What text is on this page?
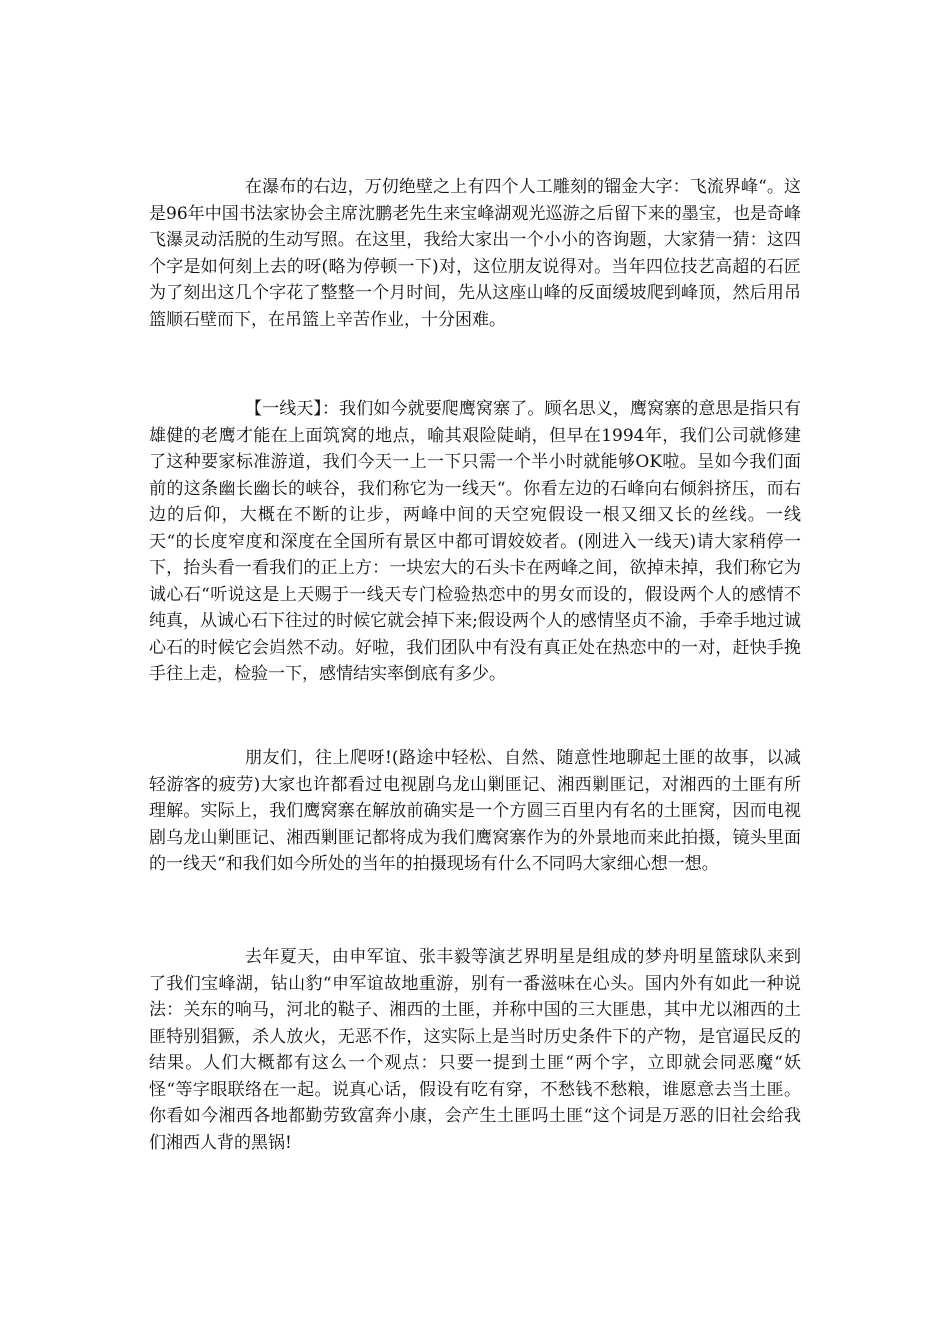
在瀑布的右边，万仞绝壁之上有四个人工雕刻的镏金大字：飞流界峰“。这是96年中国书法家协会主席沈鹏老先生来宝峰湖观光巡游之后留下来的墨宝，也是奇峰飞瀑灵动活脱的生动写照。在这里，我给大家出一个小小的咨询题，大家猜一猜：这四个字是如何刻上去的呀(略为停顿一下)对，这位朋友说得对。当年四位技艺高超的石匠为了刻出这几个字花了整整一个月时间，先从这座山峰的反面缓坡爬到峰顶，然后用吊篮顺石壁而下，在吊篮上辛苦作业，十分困难。

【一线天】：我们如今就要爬鹰窝寨了。顾名思义，鹰窝寨的意思是指只有雄健的老鹰才能在上面筑窝的地点，喻其艰险陡峭，但早在1994年，我们公司就修建了这种要家标准游道，我们今天一上一下只需一个半小时就能够OK啦。呈如今我们面前的这条幽长幽长的峡谷，我们称它为一线天“。你看左边的石峰向右倾斜挤压，而右边的后仰，大概在不断的让步，两峰中间的天空宛假设一根又细又长的丝线。一线天“的长度窄度和深度在全国所有景区中都可谓姣姣者。(刚进入一线天)请大家稍停一下，抬头看一看我们的正上方：一块宏大的石头卡在两峰之间，欲掉未掉，我们称它为诚心石“听说这是上天赐于一线天专门检验热恋中的男女而设的，假设两个人的感情不纯真，从诚心石下往过的时候它就会掉下来;假设两个人的感情坚贞不渝，手牵手地过诚心石的时候它会岿然不动。好啦，我们团队中有没有真正处在热恋中的一对，赶快手挽手往上走，检验一下，感情结实率倒底有多少。

朋友们，往上爬呀!(路途中轻松、自然、随意性地聊起土匪的故事，以减轻游客的疲劳)大家也许都看过电视剧乌龙山剿匪记、湘西剿匪记，对湘西的土匪有所理解。实际上，我们鹰窝寨在解放前确实是一个方圆三百里内有名的土匪窝，因而电视剧乌龙山剿匪记、湘西剿匪记都将成为我们鹰窝寨作为的外景地而来此拍摄，镜头里面的一线天“和我们如今所处的当年的拍摄现场有什么不同吗大家细心想一想。

去年夏天，由申军谊、张丰毅等演艺界明星是组成的梦舟明星篮球队来到了我们宝峰湖，钻山豹“申军谊故地重游，别有一番滋味在心头。国内外有如此一种说法：关东的响马，河北的鞑子、湘西的土匪，并称中国的三大匪患，其中尤以湘西的土匪特别猖獗，杀人放火，无恶不作，这实际上是当时历史条件下的产物，是官逼民反的结果。人们大概都有这么一个观点：只要一提到土匪“两个字，立即就会同恶魔“妖怪“等字眼联络在一起。说真心话，假设有吃有穿，不愁钱不愁粮，谁愿意去当土匪。你看如今湘西各地都勤劳致富奔小康，会产生土匪吗土匪“这个词是万恶的旧社会给我们湘西人背的黑锅!
